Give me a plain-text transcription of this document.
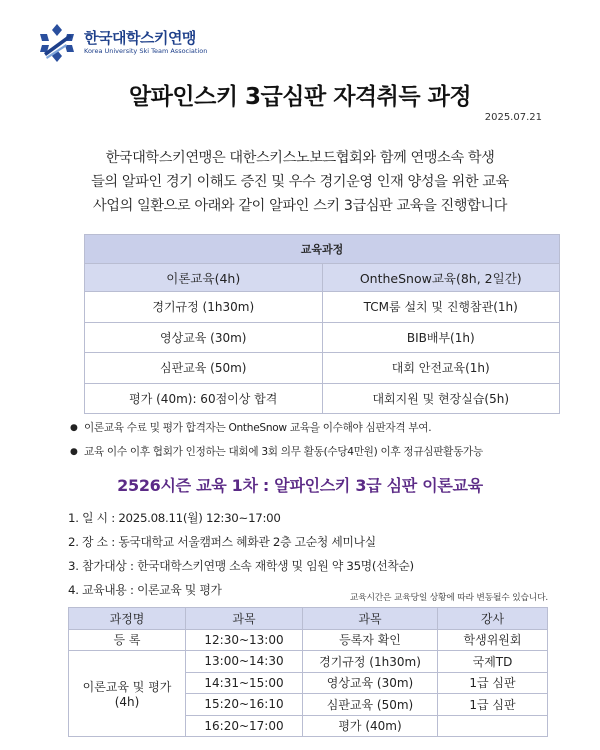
한국대학스키연맹
Korea University Ski Team Association
알파인스키 3급심판 자격취득 과정
2025.07.21
한국대학스키연맹은 대한스키스노보드협회와 함께 연맹소속 학생
들의 알파인 경기 이해도 증진 및 우수 경기운영 인재 양성을 위한 교육
사업의 일환으로 아래와 같이 알파인 스키 3급심판 교육을 진행합니다
교육과정	
이론교육(4h)	OntheSnow교육(8h, 2일간)
경기규정 (1h30m)	TCM룸 설치 및 진행참관(1h)
영상교육 (30m)	BIB배부(1h)
심판교육 (50m)	대회 안전교육(1h)
평가 (40m): 60점이상 합격	대회지원 및 현장실습(5h)
● 이론교육 수료 및 평가 합격자는 OntheSnow 교육을 이수해야 심판자격 부여.
● 교육 이수 이후 협회가 인정하는 대회에 3회 의무 활동(수당4만원) 이후 정규심판활동가능
2526시즌 교육 1차 : 알파인스키 3급 심판 이론교육
1. 일 시 : 2025.08.11(월) 12:30~17:00
2. 장 소 : 동국대학교 서울캠퍼스 혜화관 2층 고순청 세미나실
3. 참가대상 : 한국대학스키연맹 소속 재학생 및 임원 약 35명(선착순)
4. 교육내용 : 이론교육 및 평가
교육시간은 교육당일 상황에 따라 변동될수 있습니다.
과정명	과목	과목	강사
등 록	12:30~13:00	등록자 확인	학생위원회

이론교육 및 평가
(4h)	13:00~14:30	경기규정 (1h30m)	국제TD
	14:31~15:00	영상교육 (30m)	1급 심판
	15:20~16:10	심판교육 (50m)	1급 심판
	16:20~17:00	평가 (40m)	
